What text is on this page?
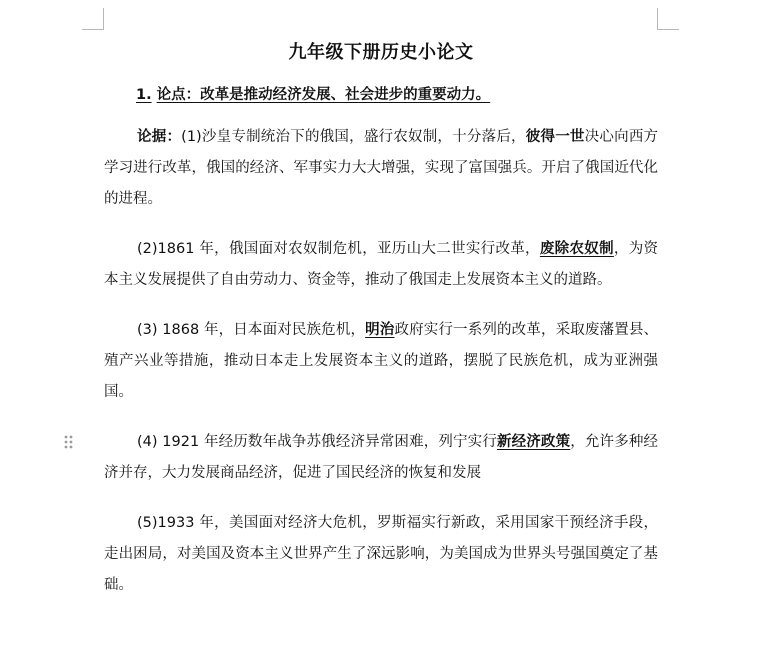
九年级下册历史小论文
1. 论点：改革是推动经济发展、社会进步的重要动力。

论据：(1)沙皇专制统治下的俄国，盛行农奴制，十分落后，彼得一世决心向西方学习进行改革，俄国的经济、军事实力大大增强，实现了富国强兵。开启了俄国近代化的进程。

(2)1861 年，俄国面对农奴制危机，亚历山大二世实行改革，废除农奴制，为资本主义发展提供了自由劳动力、资金等，推动了俄国走上发展资本主义的道路。

(3) 1868 年，日本面对民族危机，明治政府实行一系列的改革，采取废藩置县、殖产兴业等措施，推动日本走上发展资本主义的道路，摆脱了民族危机，成为亚洲强国。

(4) 1921 年经历数年战争苏俄经济异常困难，列宁实行新经济政策，允许多种经济并存，大力发展商品经济，促进了国民经济的恢复和发展

(5)1933 年，美国面对经济大危机，罗斯福实行新政，采用国家干预经济手段，走出困局，对美国及资本主义世界产生了深远影响，为美国成为世界头号强国奠定了基础。
